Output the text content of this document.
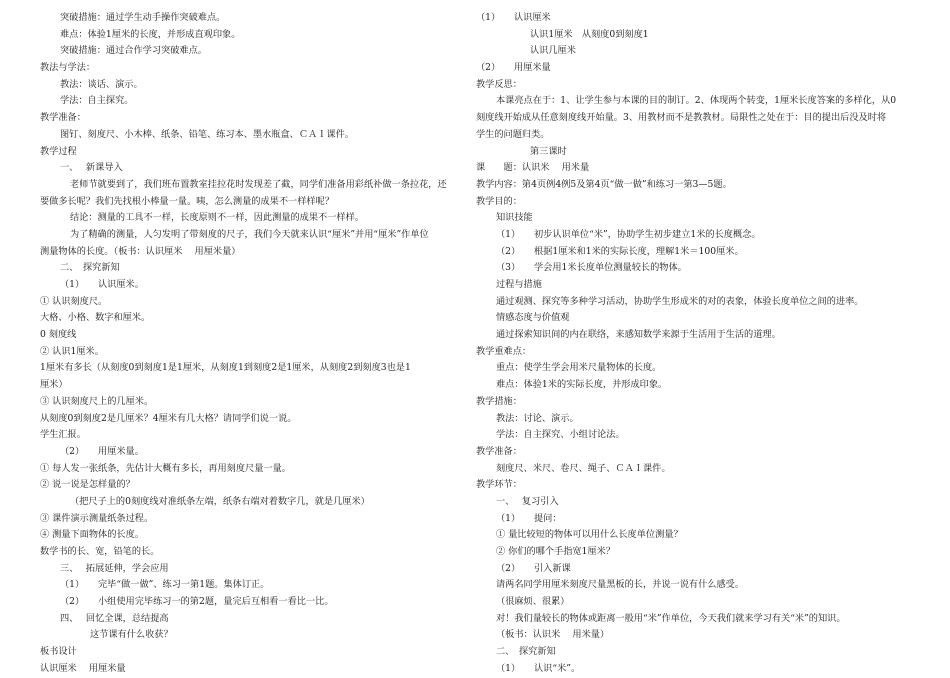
突破措施：通过学生动手操作突破难点。
难点：体验1厘米的长度，并形成直观印象。
突破措施：通过合作学习突破难点。
教法与学法：
教法：谈话、演示。
学法：自主探究。
教学准备：
图钉、刻度尺、小木棒、纸条、铅笔、练习本、墨水瓶盒、ＣＡＩ课件。
教学过程
一、　 新课导入
老师节就要到了，我们班布置教室挂拉花时发现差了截，同学们准备用彩纸补做一条拉花，还
要做多长呢？我们先找根小棒量一量。咦，怎么测量的成果不一样样呢？
结论：测量的工具不一样，长度原则不一样，因此测量的成果不一样样。
为了精确的测量，人匀发明了带刻度的尺子，我们今天就来认识“厘米”并用“厘米”作单位
测量物体的长度。（板书：认识厘米　 用厘米量）
二、　探究新知
（1）　　认识厘米。
① 认识刻度尺。
大格、小格、数字和厘米。
0 刻度线
② 认识1厘米。
1厘米有多长（从刻度0到刻度1是1厘米，从刻度1到刻度2是1厘米，从刻度2到刻度3也是1
厘米）
③ 认识刻度尺上的几厘米。
从刻度0到刻度2是几厘米？4厘米有几大格？请同学们说一说。
学生汇报。
（2）　　用厘米量。
① 每人发一张纸条，先估计大概有多长，再用刻度尺量一量。
② 说一说是怎样量的？
（把尺子上的0刻度线对准纸条左端，纸条右端对着数字几，就是几厘米）
③ 课件演示测量纸条过程。
④ 测量下面物体的长度。
数学书的长、宽，铅笔的长。
三、　 拓展延伸，学会应用
（1）　　完毕“做一做”、练习一第1题。集体订正。
（2）　　小组使用完毕练习一的第2题，量完后互相看一看比一比。
四、　 回忆全课，总结提高
这节课有什么收获？
板书设计
认识厘米　 用厘米量
（1）　　认识厘米
认识1厘米　从刻度0到刻度1
认识几厘米
（2）　　用厘米量
教学反思：
本课亮点在于：1、让学生参与本课的目的制订。2、体现两个转变，1厘米长度答案的多样化，从0
刻度线开始成从任意刻度线开始量。3、用教材而不是教教材。局限性之处在于：目的提出后没及时将
学生的问题归类。
第三课时
课　　题：认识米　 用米量
教学内容：第4页例4例5及第4页“做一做”和练习一第3—5题。
教学目的：
知识技能
（1）　　初步认识单位“米”，协助学生初步建立1米的长度概念。
（2）　　根据1厘米和1米的实际长度，理解1米＝100厘米。
（3）　　学会用1米长度单位测量较长的物体。
过程与措施
通过观测、探究等多种学习活动，协助学生形成米的对的表象，体验长度单位之间的进率。
情感态度与价值观
通过探索知识间的内在联络，来感知数学来源于生活用于生活的道理。
教学重难点：
重点：使学生学会用米尺量物体的长度。
难点：体验1米的实际长度，并形成印象。
教学措施：
教法：讨论、演示。
学法：自主探究、小组讨论法。
教学准备：
刻度尺、米尺、卷尺、绳子、ＣＡＩ课件。
教学环节：
一、　 复习引入
（1）　　提问：
① 量比较短的物体可以用什么长度单位测量？
② 你们的哪个手指宽1厘米？
（2）　　引入新课
请两名同学用厘米刻度尺量黑板的长，并说一说有什么感受。
（很麻烦、很累）
对！我们量较长的物体或距离一般用“米”作单位，今天我们就来学习有关“米”的知识。
（板书：认识米　 用米量）
二、　探究新知
（1）　　认识“米”。
